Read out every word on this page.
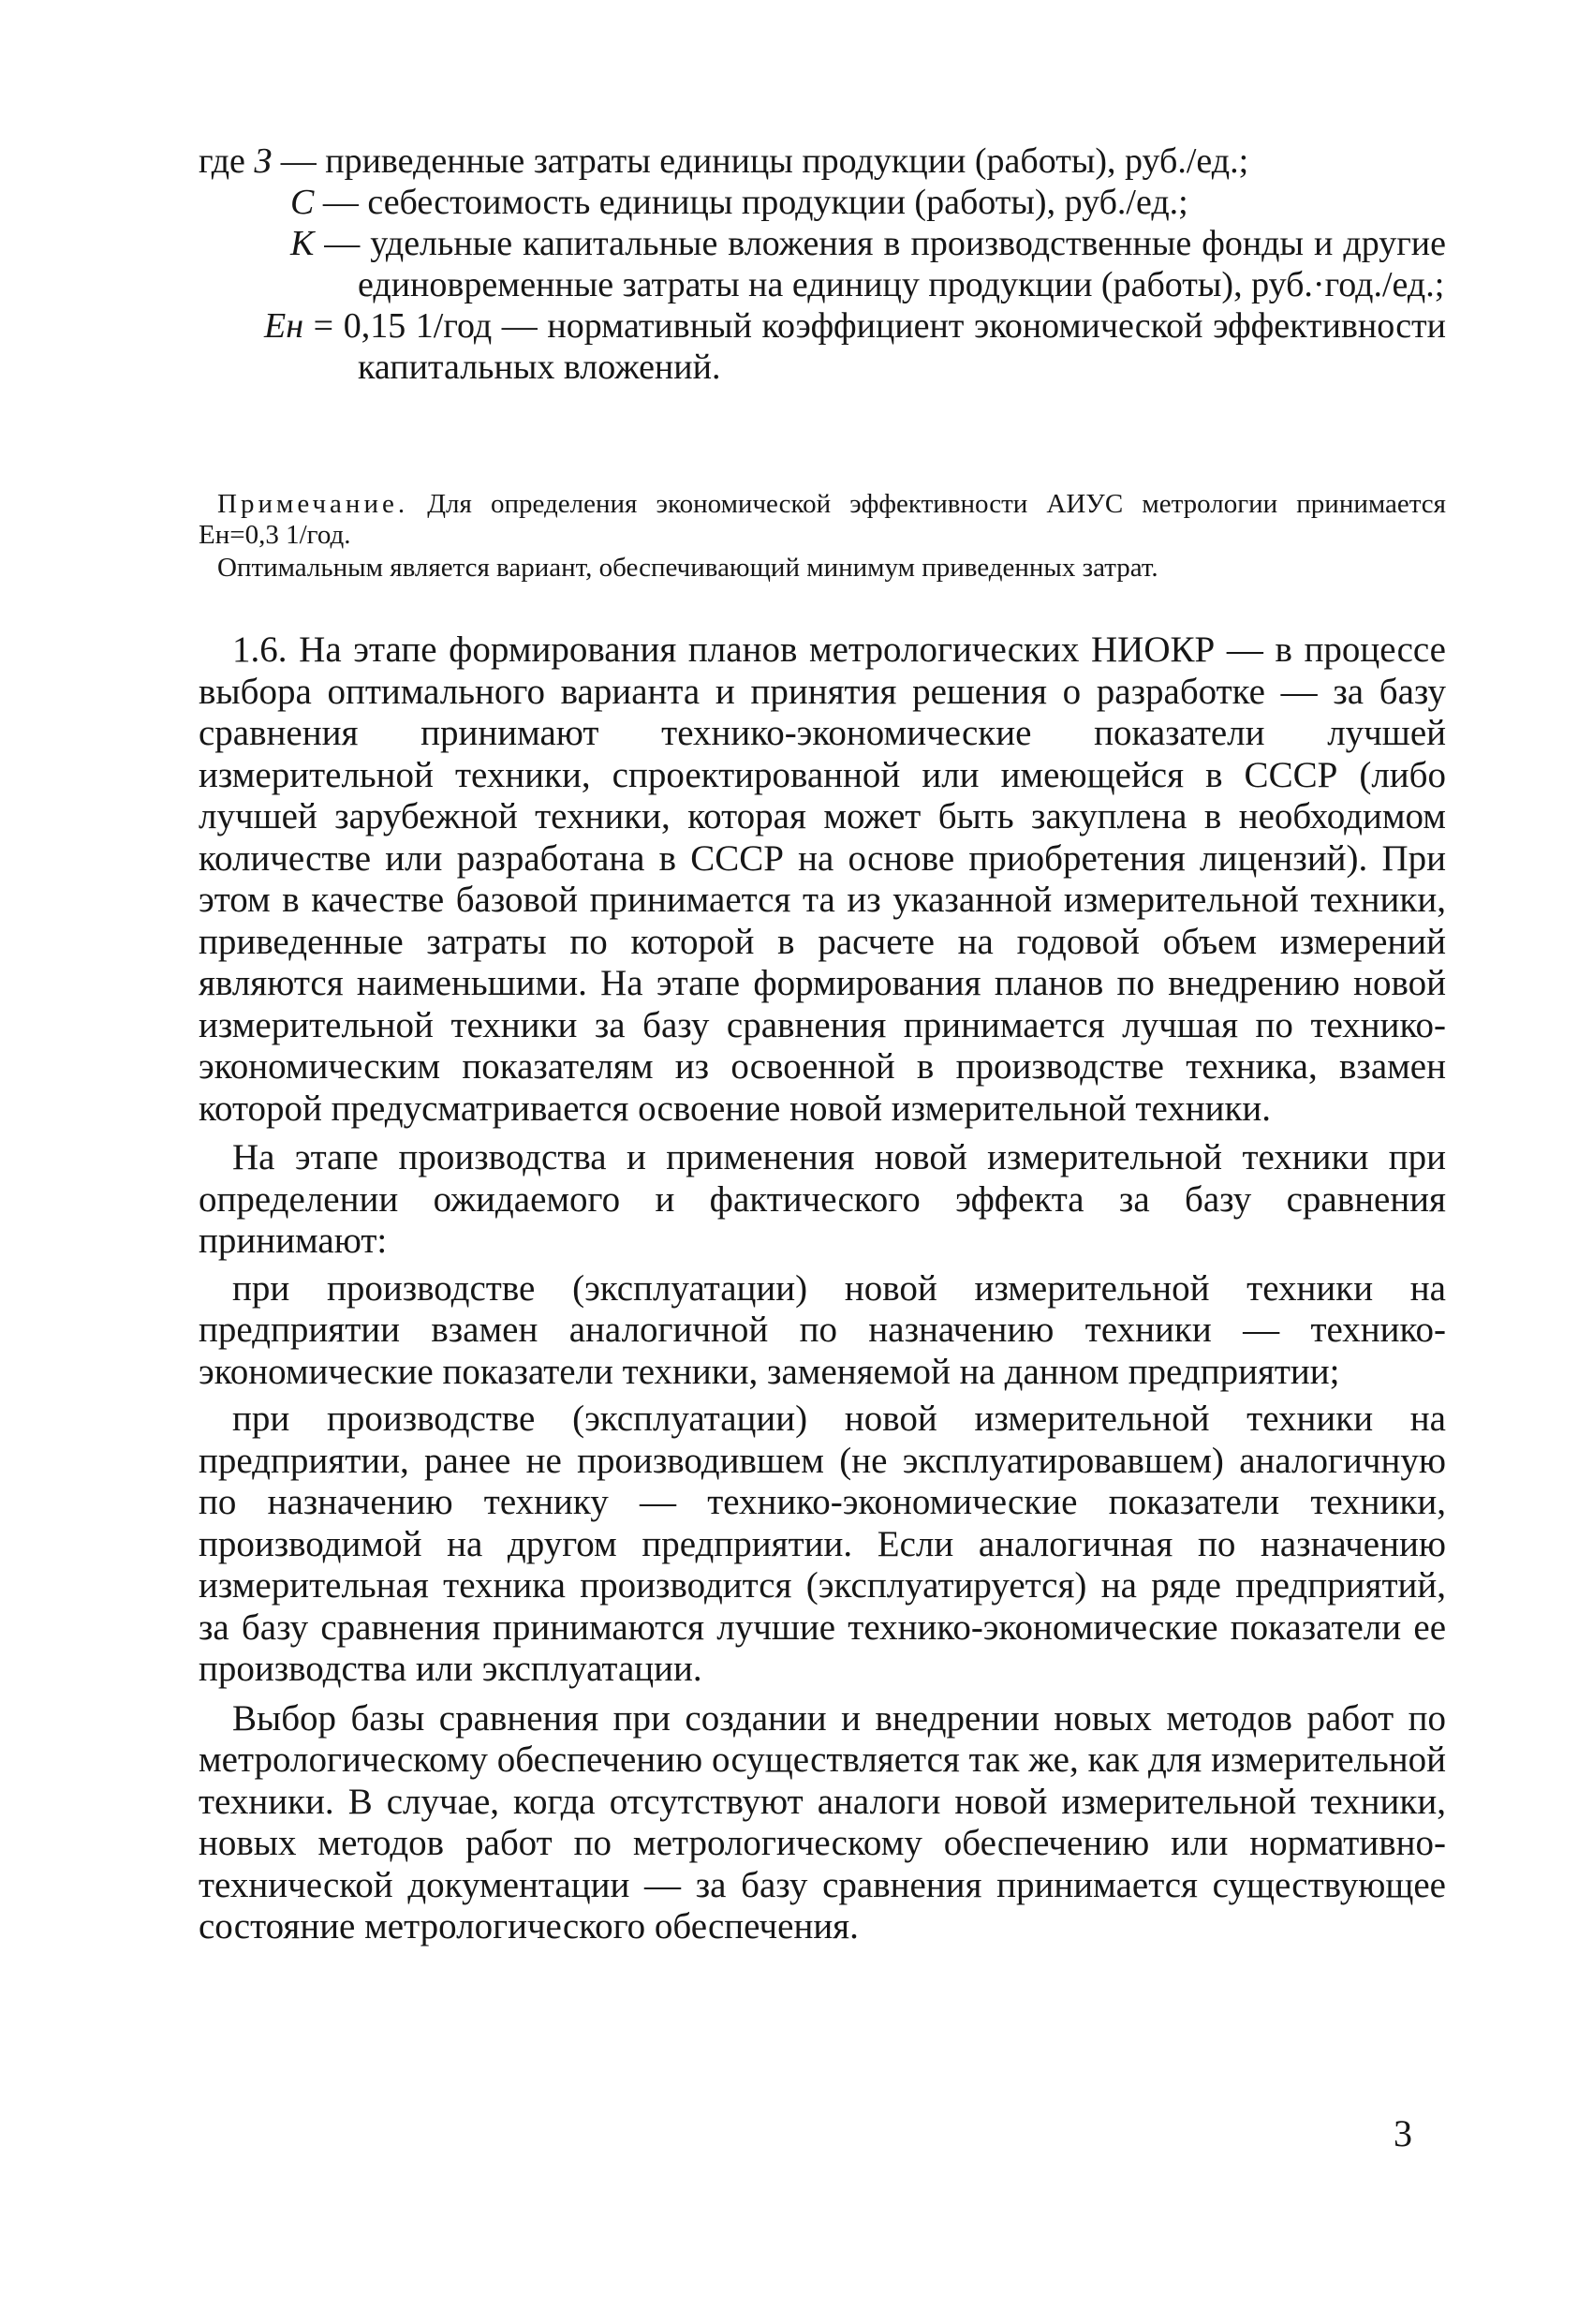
где З — приведенные затраты единицы продукции (работы), руб./ед.;
С — себестоимость единицы продукции (работы), руб./ед.;
К — удельные капитальные вложения в производственные фонды и другие единовременные затраты на единицу продукции (работы), руб.·год./ед.;
Eн = 0,15 1/год — нормативный коэффициент экономической эффективности капитальных вложений.

Примечание. Для определения экономической эффективности АИУС метрологии принимается Eн=0,3 1/год.

Оптимальным является вариант, обеспечивающий минимум приведенных затрат.

1.6. На этапе формирования планов метрологических НИОКР — в процессе выбора оптимального варианта и принятия решения о разработке — за базу сравнения принимают технико-экономические показатели лучшей измерительной техники, спроектированной или имеющейся в СССР (либо лучшей зарубежной техники, которая может быть закуплена в необходимом количестве или разработана в СССР на основе приобретения лицензий). При этом в качестве базовой принимается та из указанной измерительной техники, приведенные затраты по которой в расчете на годовой объем измерений являются наименьшими. На этапе формирования планов по внедрению новой измерительной техники за базу сравнения принимается лучшая по технико-экономическим показателям из освоенной в производстве техника, взамен которой предусматривается освоение новой измерительной техники.

На этапе производства и применения новой измерительной техники при определении ожидаемого и фактического эффекта за базу сравнения принимают:

при производстве (эксплуатации) новой измерительной техники на предприятии взамен аналогичной по назначению техники — технико-экономические показатели техники, заменяемой на данном предприятии;

при производстве (эксплуатации) новой измерительной техники на предприятии, ранее не производившем (не эксплуатировавшем) аналогичную по назначению технику — технико-экономические показатели техники, производимой на другом предприятии. Если аналогичная по назначению измерительная техника производится (эксплуатируется) на ряде предприятий, за базу сравнения принимаются лучшие технико-экономические показатели ее производства или эксплуатации.

Выбор базы сравнения при создании и внедрении новых методов работ по метрологическому обеспечению осуществляется так же, как для измерительной техники. В случае, когда отсутствуют аналоги новой измерительной техники, новых методов работ по метрологическому обеспечению или нормативно-технической документации — за базу сравнения принимается существующее состояние метрологического обеспечения.

3
